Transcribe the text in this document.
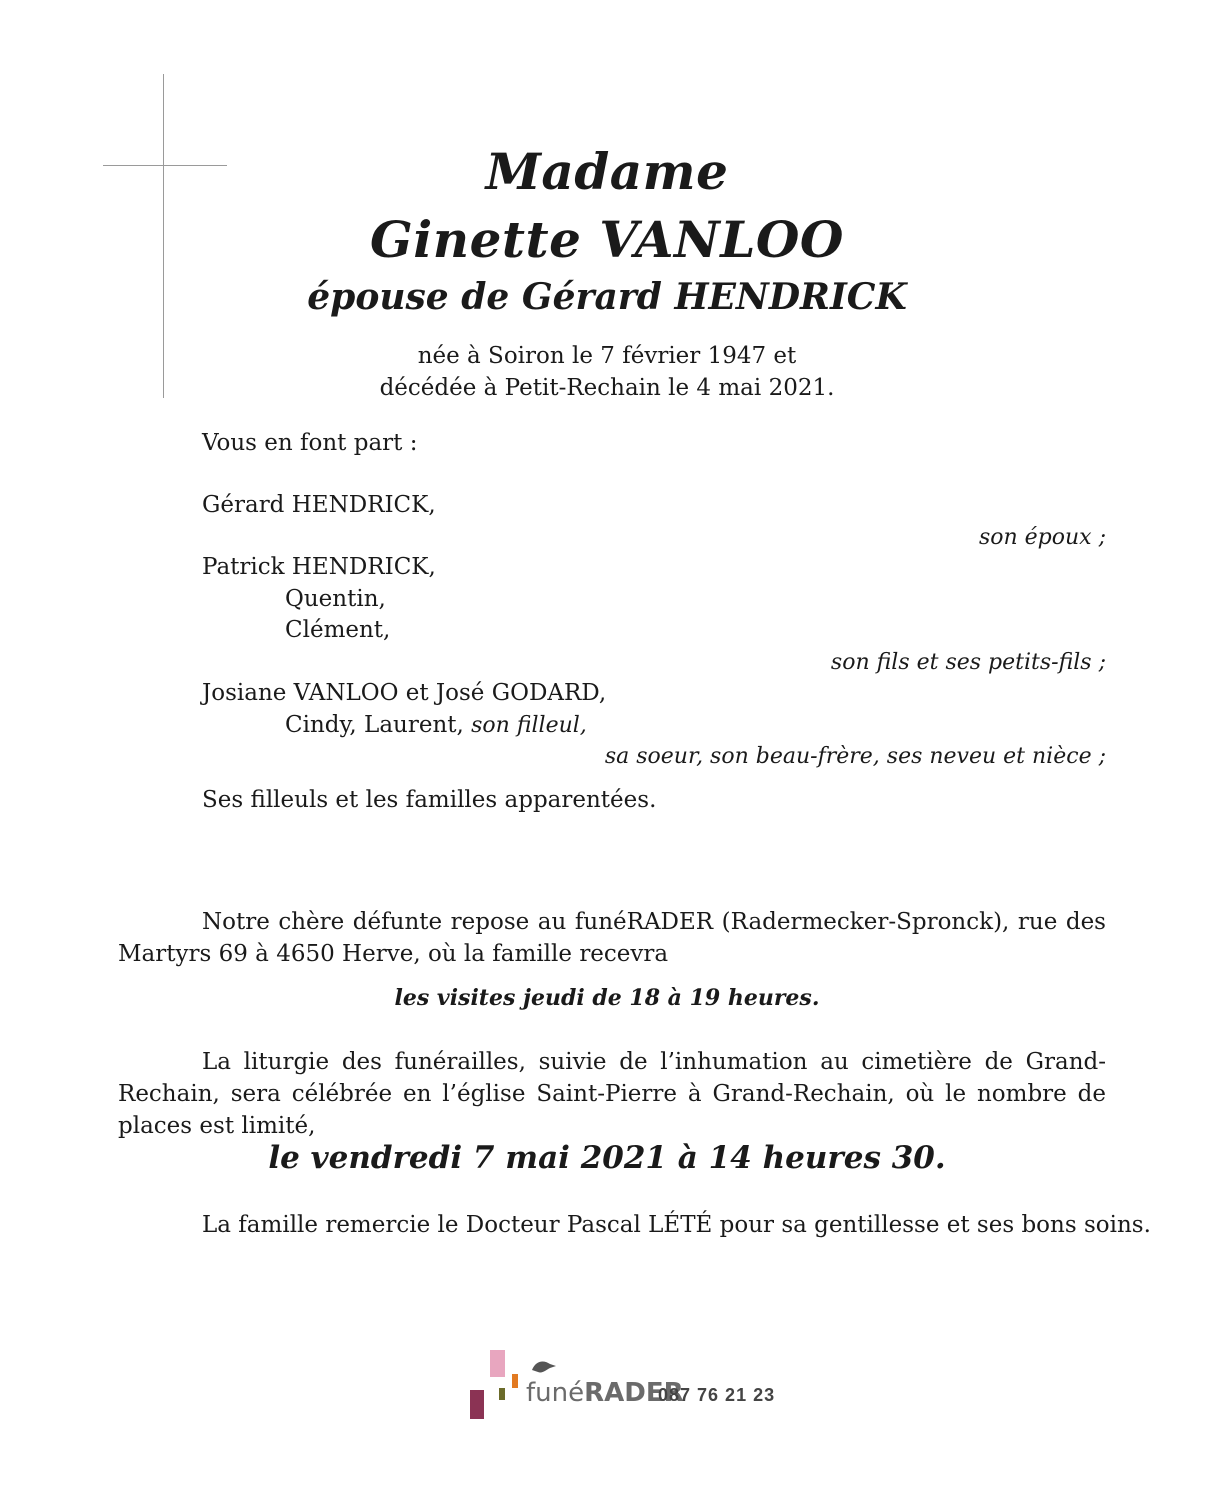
Madame
Ginette VANLOO
épouse de Gérard HENDRICK
née à Soiron le 7 février 1947 et
décédée à Petit-Rechain le 4 mai 2021.
Vous en font part :
Gérard HENDRICK,
son époux ;
Patrick HENDRICK,
Quentin,
Clément,
son fils et ses petits-fils ;
Josiane VANLOO et José GODARD,
Cindy, Laurent, son filleul,
sa soeur, son beau-frère, ses neveu et nièce ;
Ses filleuls et les familles apparentées.
Notre chère défunte repose au funéRADER (Radermecker-Spronck), rue des Martyrs 69 à 4650 Herve, où la famille recevra
les visites jeudi de 18 à 19 heures.
La liturgie des funérailles, suivie de l’inhumation au cimetière de Grand-Rechain, sera célébrée en l’église Saint-Pierre à Grand-Rechain, où le nombre de places est limité,
le vendredi 7 mai 2021 à 14 heures 30.
La famille remercie le Docteur Pascal LÉTÉ pour sa gentillesse et ses bons soins.
funéRADER
087 76 21 23
